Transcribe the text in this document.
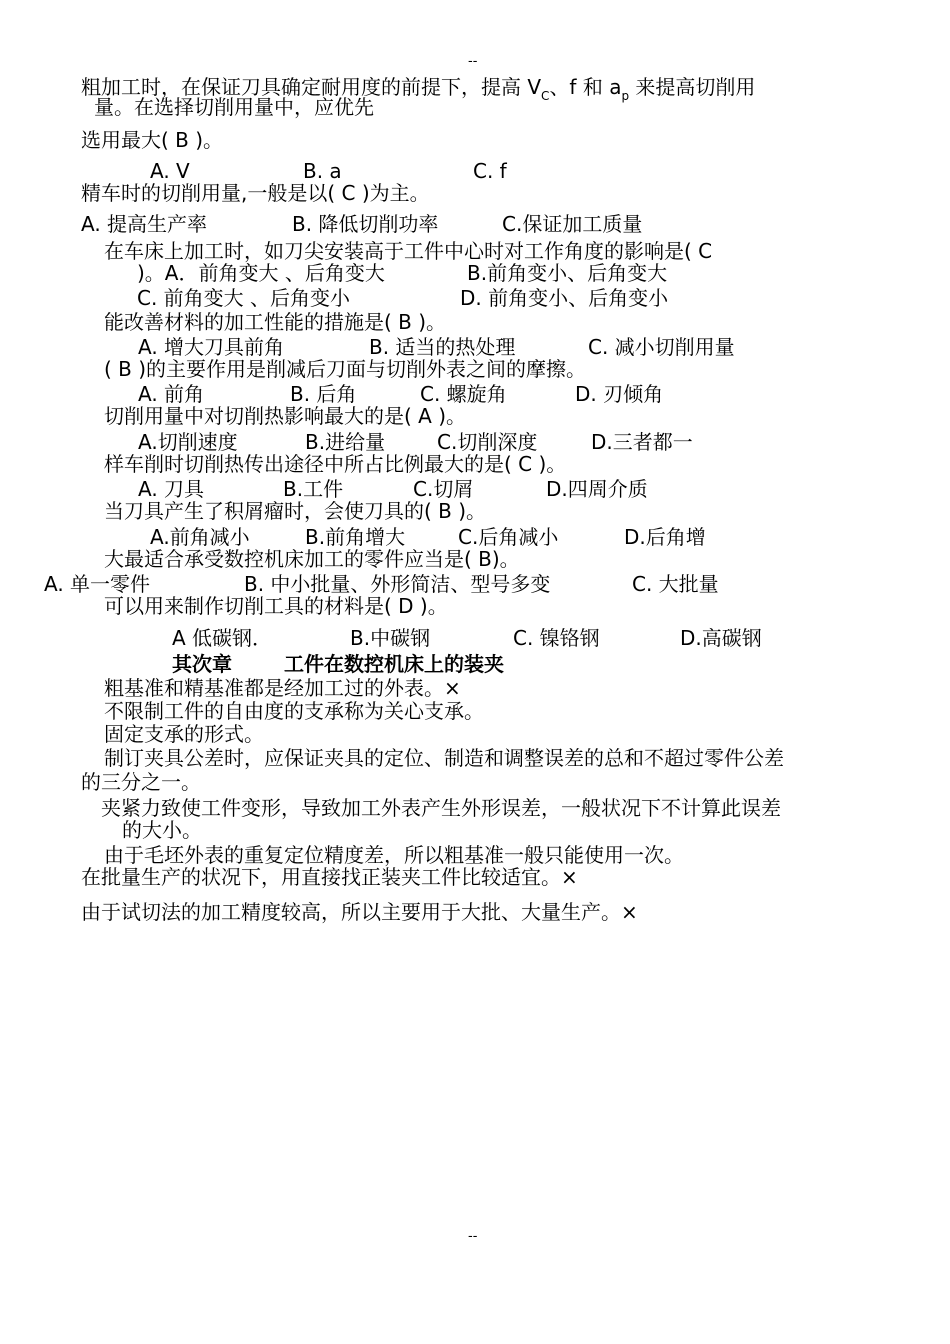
--
粗加工时，在保证刀具确定耐用度的前提下，提高 $V_C$、f 和 $a_p$ 来提高切削用
量。在选择切削用量中，应优先
选用最大( B )。
A. V	B. a	C. f
精车时的切削用量,一般是以( C )为主。
A. 提高生产率	B. 降低切削功率	C.保证加工质量
在车床上加工时，如刀尖安装高于工件中心时对工作角度的影响是( C
)。A．前角变大 、后角变大	B.前角变小、后角变大
C. 前角变大 、后角变小	D. 前角变小、后角变小
能改善材料的加工性能的措施是( B )。
A. 增大刀具前角	B. 适当的热处理	C. 减小切削用量
( B )的主要作用是削减后刀面与切削外表之间的摩擦。
A. 前角	B. 后角	C. 螺旋角	D. 刃倾角
切削用量中对切削热影响最大的是( A )。
A.切削速度	B.进给量	C.切削深度	D.三者都一
样车削时切削热传出途径中所占比例最大的是( C )。
A. 刀具	B.工件	C.切屑	D.四周介质
当刀具产生了积屑瘤时，会使刀具的( B )。
A.前角减小	B.前角增大	C.后角减小	D.后角增
大最适合承受数控机床加工的零件应当是( B)。
A. 单一零件	B. 中小批量、外形简洁、型号多变	C. 大批量
可以用来制作切削工具的材料是( D )。
A 低碳钢．	B.中碳钢	C. 镍铬钢	D.高碳钢
其次章	工件在数控机床上的装夹
粗基准和精基准都是经加工过的外表。×
不限制工件的自由度的支承称为关心支承。
固定支承的形式。
制订夹具公差时，应保证夹具的定位、制造和调整误差的总和不超过零件公差
的三分之一。
夹紧力致使工件变形，导致加工外表产生外形误差，一般状况下不计算此误差
的大小。
由于毛坯外表的重复定位精度差，所以粗基准一般只能使用一次。
在批量生产的状况下，用直接找正装夹工件比较适宜。×
由于试切法的加工精度较高，所以主要用于大批、大量生产。×
--
